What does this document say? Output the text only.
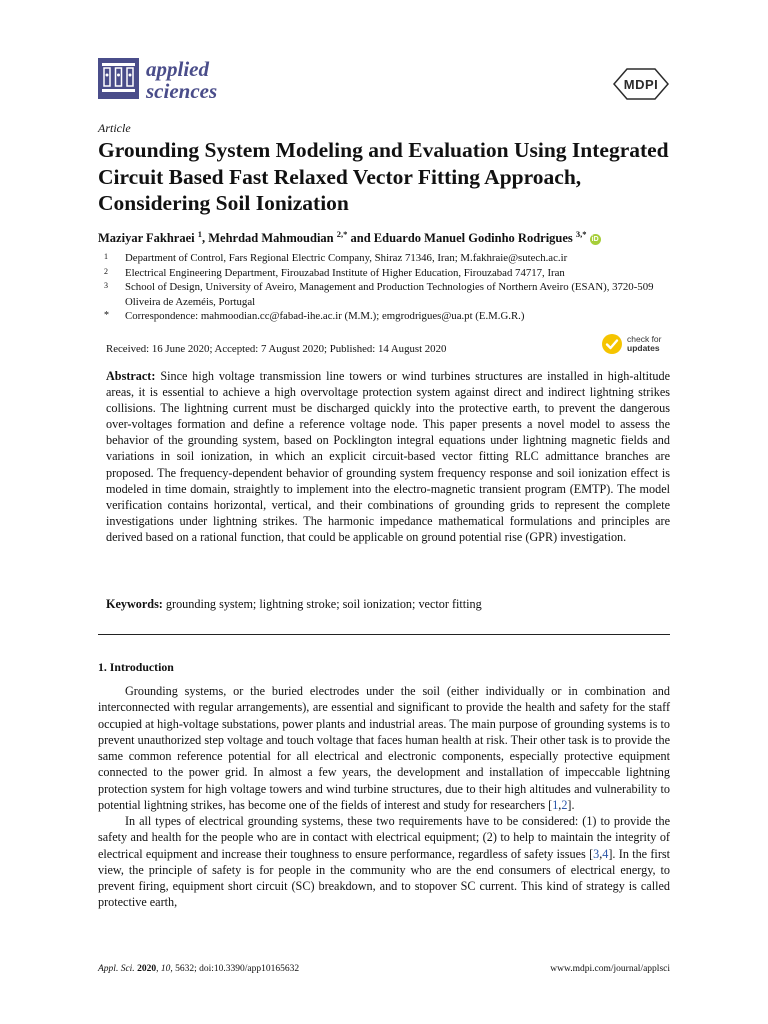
applied
sciences	MDPI
Article
Grounding System Modeling and Evaluation Using Integrated Circuit Based Fast Relaxed Vector Fitting Approach, Considering Soil Ionization
Maziyar Fakhraei $^1$, Mehrdad Mahmoudian $^{2,*}$ and Eduardo Manuel Godinho Rodrigues $^{3,*}$ iD
1	Department of Control, Fars Regional Electric Company, Shiraz 71346, Iran; M.fakhraie@sutech.ac.ir
2	Electrical Engineering Department, Firouzabad Institute of Higher Education, Firouzabad 74717, Iran
3	School of Design, University of Aveiro, Management and Production Technologies of Northern Aveiro (ESAN), 3720-509 Oliveira de Azeméis, Portugal
*	Correspondence: mahmoodian.cc@fabad-ihe.ac.ir (M.M.); emgrodrigues@ua.pt (E.M.G.R.)
Received: 16 June 2020; Accepted: 7 August 2020; Published: 14 August 2020
check for
updates
Abstract: Since high voltage transmission line towers or wind turbines structures are installed in high-altitude areas, it is essential to achieve a high overvoltage protection system against direct and indirect lightning strikes collisions. The lightning current must be discharged quickly into the protective earth, to prevent the dangerous over-voltages formation and define a reference voltage node. This paper presents a novel model to assess the behavior of the grounding system, based on Pocklington integral equations under lightning magnetic fields and variations in soil ionization, in which an explicit circuit-based vector fitting RLC admittance branches are proposed. The frequency-dependent behavior of grounding system frequency response and soil ionization effect is modeled in time domain, straightly to implement into the electro-magnetic transient program (EMTP). The model verification contains horizontal, vertical, and their combinations of grounding grids to represent the complete investigations under lightning strikes. The harmonic impedance mathematical formulations and principles are derived based on a rational function, that could be applicable on ground potential rise (GPR) investigation.
Keywords: grounding system; lightning stroke; soil ionization; vector fitting
1. Introduction

Grounding systems, or the buried electrodes under the soil (either individually or in combination and interconnected with regular arrangements), are essential and significant to provide the health and safety for the staff occupied at high-voltage substations, power plants and industrial areas. The main purpose of grounding systems is to prevent unauthorized step voltage and touch voltage that faces human health at risk. Their other task is to provide the same common reference potential for all electrical and electronic components, especially protective equipment connected to the power grid. In almost a few years, the development and installation of impeccable lightning protection system for high voltage towers and wind turbine structures, due to their high altitudes and vulnerability to potential lightning strikes, has become one of the fields of interest and study for researchers [1,2].

In all types of electrical grounding systems, these two requirements have to be considered: (1) to provide the safety and health for the people who are in contact with electrical equipment; (2) to help to maintain the integrity of electrical equipment and increase their toughness to ensure performance, regardless of safety issues [3,4]. In the first view, the principle of safety is for people in the community who are the end consumers of electrical energy, to prevent firing, equipment short circuit (SC) breakdown, and to stopover SC current. This kind of strategy is called protective earth,

Appl. Sci. 2020, 10, 5632; doi:10.3390/app10165632	www.mdpi.com/journal/applsci
